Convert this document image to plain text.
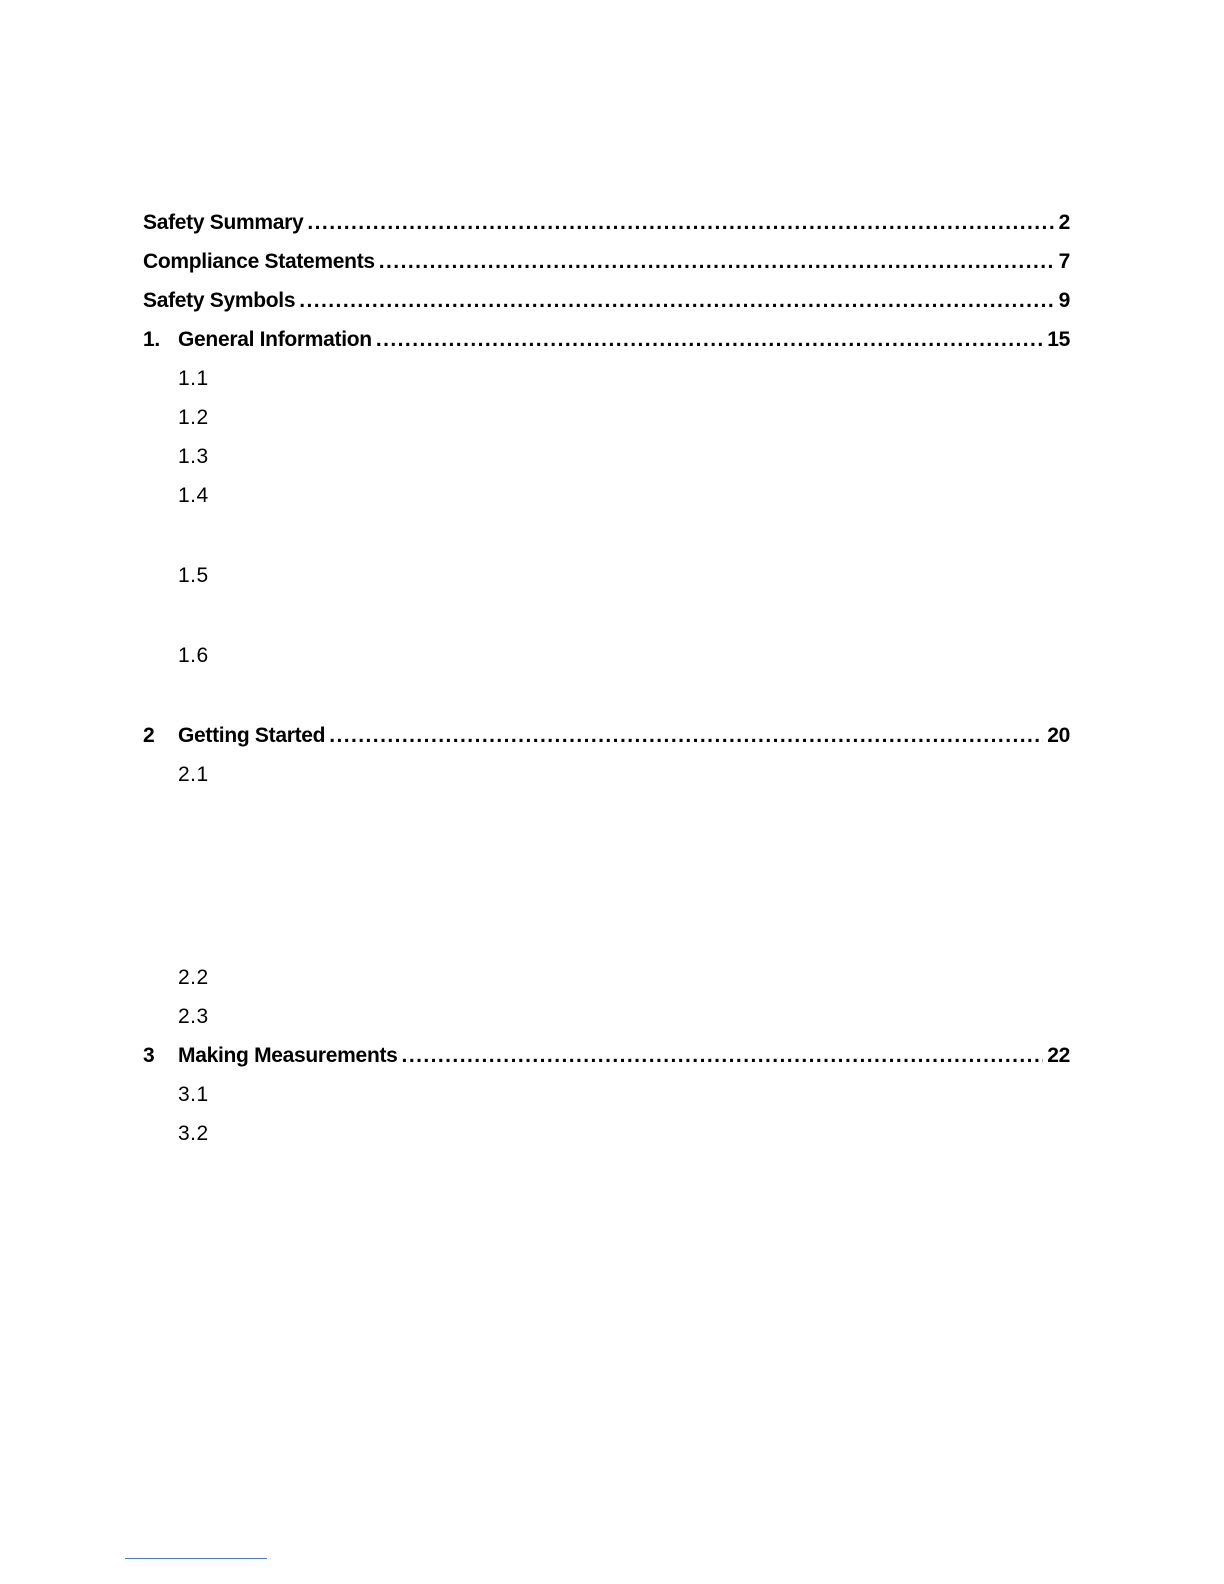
Safety Summary . . .	2
Compliance Statements . . .	7
Safety Symbols . . .	9
1. General Information . . .	15
1.1
1.2
1.3
1.4
1.5
1.6
2	Getting Started . . .	20
2.1
2.2
2.3
3	Making Measurements . . .	22
3.1
3.2
